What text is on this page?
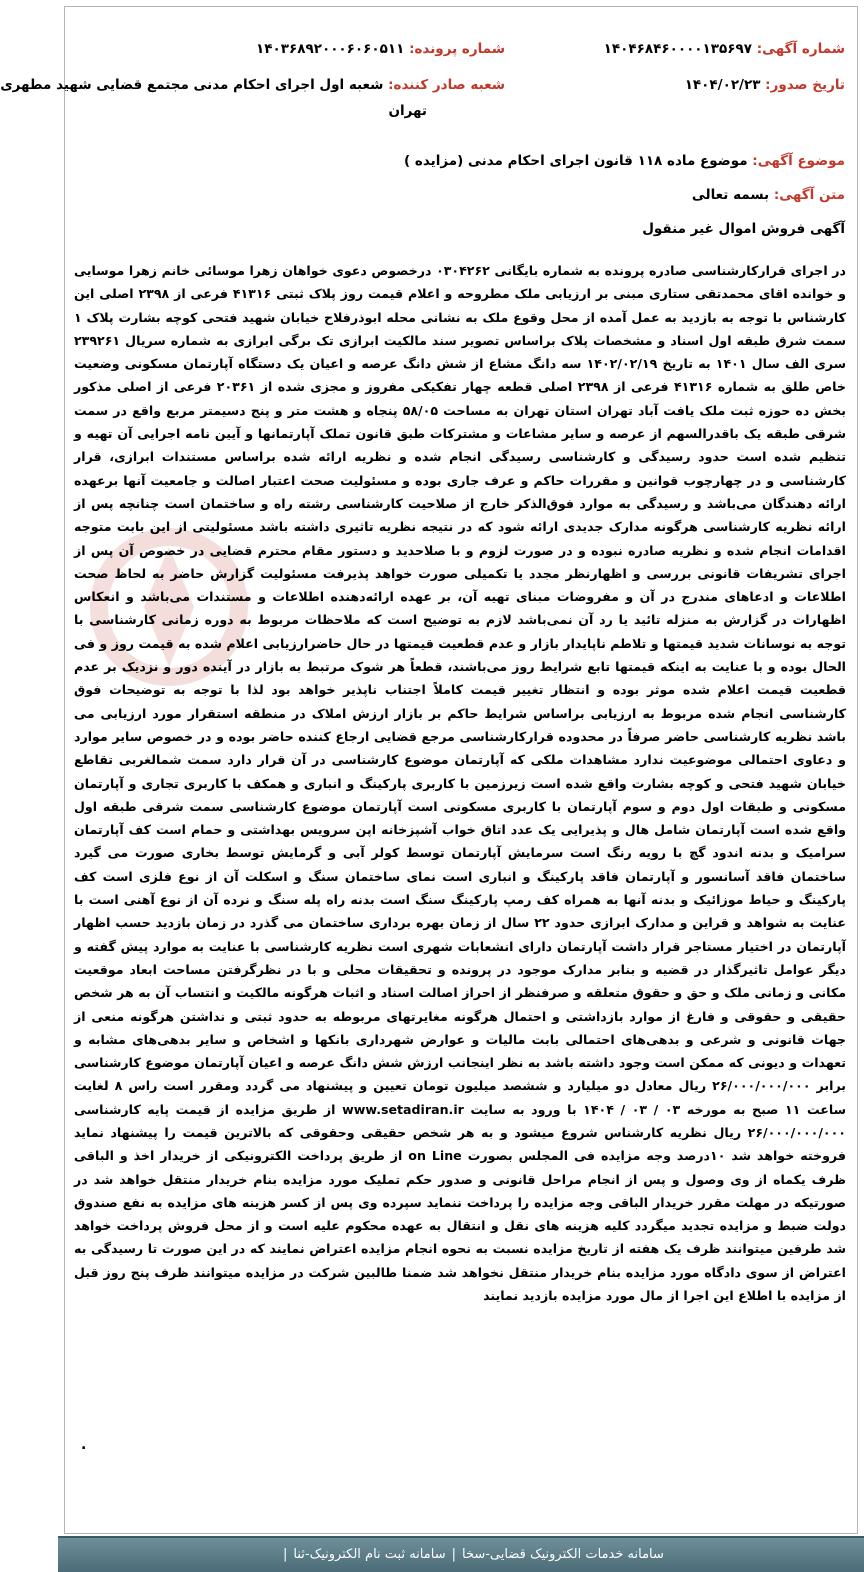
شماره آگهی: ۱۴۰۴۶۸۴۶۰۰۰۰۱۳۵۶۹۷
شماره پرونده: ۱۴۰۳۶۸۹۲۰۰۰۶۰۶۰۵۱۱
تاریخ صدور: ۱۴۰۴/۰۲/۲۳
شعبه صادر کننده: شعبه اول اجرای احکام مدنی مجتمع قضایی شهید مطهری
تهران
موضوع آگهی: موضوع ماده ۱۱۸ قانون اجرای احکام مدنی (مزایده )
متن آگهی: بسمه تعالی
آگهی فروش اموال غیر منقول
در اجرای قرارکارشناسی صادره پرونده به شماره بایگانی ۰۳۰۴۲۶۲ درخصوص دعوی خواهان زهرا موسائی خانم زهرا موسایی و خوانده اقای محمدتقی ستاری مبنی بر ارزیابی ملک مطروحه و اعلام قیمت روز پلاک ثبتی ۴۱۳۱۶ فرعی از ۲۳۹۸ اصلی این کارشناس با توجه به بازدید به عمل آمده از محل وقوع ملک به نشانی محله ابوذرفلاح خیابان شهید فتحی کوچه بشارت پلاک ۱ سمت شرق طبقه اول اسناد و مشخصات پلاک براساس تصویر سند مالکیت ابرازی تک برگی ابرازی به شماره سریال ۲۳۹۲۶۱ سری الف سال ۱۴۰۱ به تاریخ ۱۴۰۲/۰۲/۱۹ سه دانگ مشاع از شش دانگ عرصه و اعیان یک دستگاه آپارتمان مسکونی وضعیت خاص طلق به شماره ۴۱۳۱۶ فرعی از ۲۳۹۸ اصلی قطعه چهار تفکیکی مفروز و مجزی شده از ۲۰۳۶۱ فرعی از اصلی مذکور بخش ده حوزه ثبت ملک یافت آباد تهران استان تهران به مساحت ۵۸/۰۵ پنجاه و هشت متر و پنج دسیمتر مربع واقع در سمت شرقی طبقه یک باقدرالسهم از عرصه و سایر مشاعات و مشترکات طبق قانون تملک آپارتمانها و آیین نامه اجرایی آن تهیه و تنظیم شده است حدود رسیدگی و کارشناسی رسیدگی انجام شده و نظریه ارائه شده براساس مستندات ابرازی، قرار کارشناسی و در چهارچوب قوانین و مقررات حاکم و عرف جاری بوده و مسئولیت صحت اعتبار اصالت و جامعیت آنها برعهده ارائه دهندگان می‌باشد و رسیدگی به موارد فوق‌الذکر خارج از صلاحیت کارشناسی رشته راه و ساختمان است چنانچه پس از ارائه نظریه کارشناسی هرگونه مدارک جدیدی ارائه شود که در نتیجه نظریه تاثیری داشته باشد مسئولیتی از این بابت متوجه اقدامات انجام شده و نظریه صادره نبوده و در صورت لزوم و با صلاحدید و دستور مقام محترم قضایی در خصوص آن پس از اجرای تشریفات قانونی بررسی و اظهارنظر مجدد یا تکمیلی صورت خواهد پذیرفت مسئولیت گزارش حاضر به لحاظ صحت اطلاعات و ادعاهای مندرج در آن و مفروضات مبنای تهیه آن، بر عهده ارائه‌دهنده اطلاعات و مستندات می‌باشد و انعکاس اظهارات در گزارش به منزله تائید یا رد آن نمی‌باشد لازم به توضیح است که ملاحظات مربوط به دوره زمانی کارشناسی با توجه به نوسانات شدید قیمتها و تلاطم ناپایدار بازار و عدم قطعیت قیمتها در حال حاضرارزیابی اعلام شده به قیمت روز و فی الحال بوده و با عنایت به اینکه قیمتها تابع شرایط روز می‌باشند، قطعاً هر شوک مرتبط به بازار در آینده دور و نزدیک بر عدم قطعیت قیمت اعلام شده موثر بوده و انتظار تغییر قیمت کاملاً اجتناب ناپذیر خواهد بود لذا با توجه به توضیحات فوق کارشناسی انجام شده مربوط به ارزیابی براساس شرایط حاکم بر بازار ارزش املاک در منطقه استقرار مورد ارزیابی می باشد نظریه کارشناسی حاضر صرفاً در محدوده قرارکارشناسی مرجع قضایی ارجاع کننده حاضر بوده و در خصوص سایر موارد و دعاوی احتمالی موضوعیت ندارد مشاهدات ملکی که آپارتمان موضوع کارشناسی در آن قرار دارد سمت شمالغربی تقاطع خیابان شهید فتحی و کوچه بشارت واقع شده است زیرزمین با کاربری پارکینگ و انباری و همکف با کاربری تجاری و آپارتمان مسکونی و طبقات اول دوم و سوم آپارتمان با کاربری مسکونی است آپارتمان موضوع کارشناسی سمت شرقی طبقه اول واقع شده است آپارتمان شامل هال و پذیرایی یک عدد اتاق خواب آشپزخانه اپن سرویس بهداشتی و حمام است کف آپارتمان سرامیک و بدنه اندود گچ با رویه رنگ است سرمایش آپارتمان توسط کولر آبی و گرمایش توسط بخاری صورت می گیرد ساختمان فاقد آسانسور و آپارتمان فاقد پارکینگ و انباری است نمای ساختمان سنگ و اسکلت آن از نوع فلزی است کف پارکینگ و حیاط موزائیک و بدنه آنها به همراه کف رمپ پارکینگ سنگ است بدنه راه پله سنگ و نرده آن از نوع آهنی است با عنایت به شواهد و قراین و مدارک ابرازی حدود ۲۲ سال از زمان بهره برداری ساختمان می گذرد در زمان بازدید حسب اظهار آپارتمان در اختیار مستاجر قرار داشت آپارتمان دارای انشعابات شهری است نظریه کارشناسی با عنایت به موارد پیش گفته و دیگر عوامل تاثیرگذار در قضیه و بنابر مدارک موجود در پرونده و تحقیقات محلی و با در نظرگرفتن مساحت ابعاد موقعیت مکانی و زمانی ملک و حق و حقوق متعلقه و صرفنظر از احراز اصالت اسناد و اثبات هرگونه مالکیت و انتساب آن به هر شخص حقیقی و حقوقی و فارغ از موارد بازداشتی و احتمال هرگونه مغایرتهای مربوطه به حدود ثبتی و نداشتن هرگونه منعی از جهات قانونی و شرعی و بدهی‌های احتمالی بابت مالیات و عوارض شهرداری بانکها و اشخاص و سایر بدهی‌های مشابه و تعهدات و دیونی که ممکن است وجود داشته باشد به نظر اینجانب ارزش شش دانگ عرصه و اعیان آپارتمان موضوع کارشناسی برابر ۲۶/۰۰۰/۰۰۰/۰۰۰ ریال معادل دو میلیارد و ششصد میلیون تومان تعیین و پیشنهاد می گردد ومقرر است راس ۸ لغایت ساعت ۱۱ صبح به مورخه ۰۳ / ۰۳ / ۱۴۰۴ با ورود به سایت www.setadiran.ir از طریق مزایده از قیمت پایه کارشناسی ۲۶/۰۰۰/۰۰۰/۰۰۰ ریال نظریه کارشناس شروع میشود و به هر شخص حقیقی وحقوقی که بالاترین قیمت را پیشنهاد نماید فروخته خواهد شد ۱۰درصد وجه مزایده فی المجلس بصورت on Line از طریق پرداخت الکترونیکی از خریدار اخذ و الباقی ظرف یکماه از وی وصول و پس از انجام مراحل قانونی و صدور حکم تملیک مورد مزایده بنام خریدار منتقل خواهد شد در صورتیکه در مهلت مقرر خریدار الباقی وجه مزایده را پرداخت ننماید سپرده وی پس از کسر هزینه های مزایده به نفع صندوق دولت ضبط و مزایده تجدید میگردد کلیه هزینه های نقل و انتقال به عهده محکوم علیه است و از محل فروش پرداخت خواهد شد طرفین میتوانند ظرف یک هفته از تاریخ مزایده نسبت به نحوه انجام مزایده اعتراض نمایند که در این صورت تا رسیدگی به اعتراض از سوی دادگاه مورد مزایده بنام خریدار منتقل نخواهد شد ضمنا طالبین شرکت در مزایده میتوانند ظرف پنج روز قبل از مزایده با اطلاع این اجرا از مال مورد مزایده بازدید نمایند
.
سامانه خدمات الکترونیک قضایی-سخا
|
سامانه ثبت نام الکترونیک-ثنا
|
